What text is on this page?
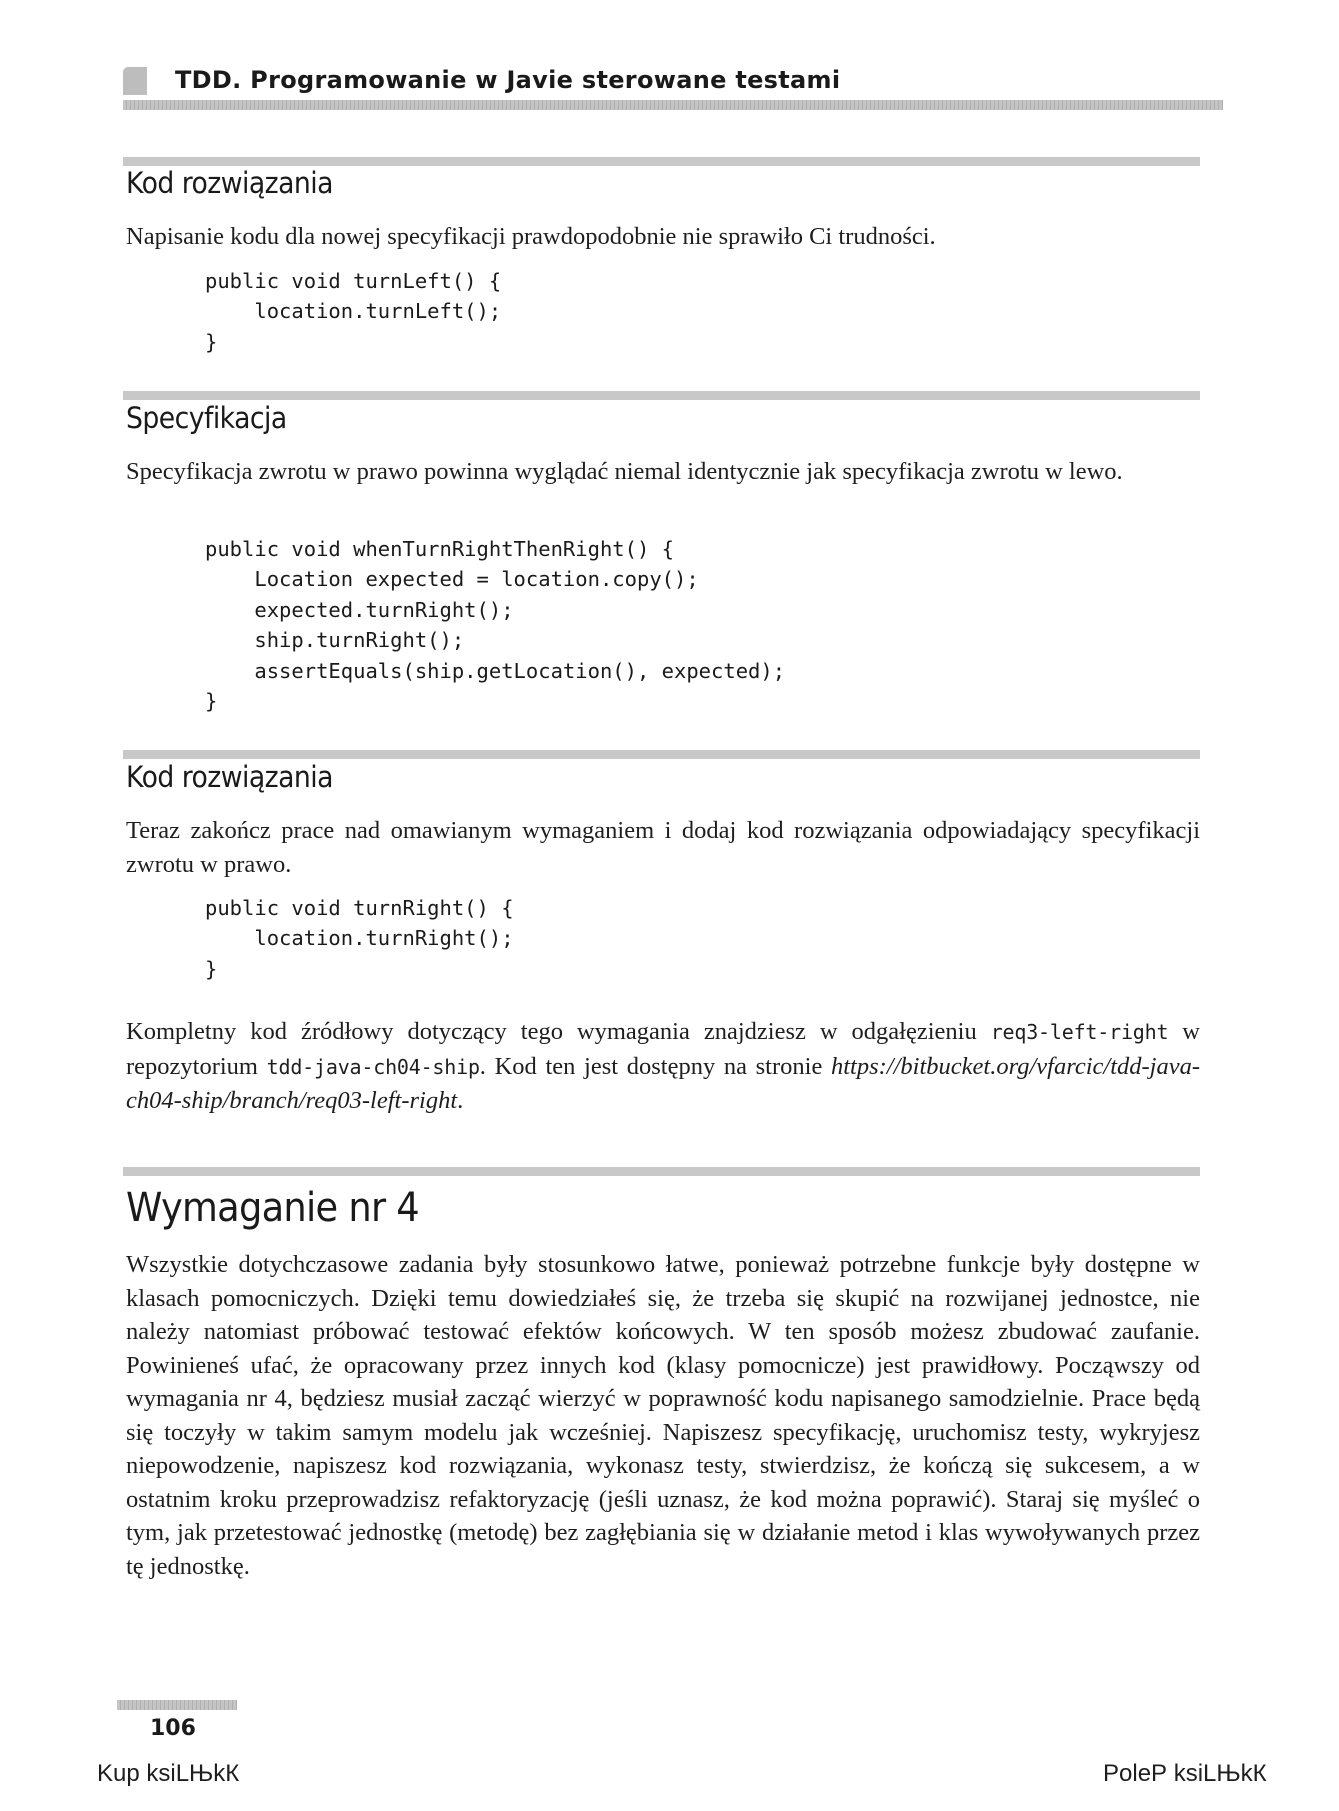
TDD. Programowanie w Javie sterowane testami
Kod rozwiązania

Napisanie kodu dla nowej specyfikacji prawdopodobnie nie sprawiło Ci trudności.

public void turnLeft() {
location.turnLeft();
}
Specyfikacja

Specyfikacja zwrotu w prawo powinna wyglądać niemal identycznie jak specyfikacja zwrotu w lewo.

public void whenTurnRightThenRight() {
Location expected = location.copy();
expected.turnRight();
ship.turnRight();
assertEquals(ship.getLocation(), expected);
}
Kod rozwiązania

Teraz zakończ prace nad omawianym wymaganiem i dodaj kod rozwiązania odpowiadający specyfikacji zwrotu w prawo.

public void turnRight() {
location.turnRight();
}

Kompletny kod źródłowy dotyczący tego wymagania znajdziesz w odgałęzieniu req3-left-right w repozytorium tdd-java-ch04-ship. Kod ten jest dostępny na stronie https://bitbucket.org/vfarcic/tdd-java-ch04-ship/branch/req03-left-right.

Wymaganie nr 4

Wszystkie dotychczasowe zadania były stosunkowo łatwe, ponieważ potrzebne funkcje były dostępne w klasach pomocniczych. Dzięki temu dowiedziałeś się, że trzeba się skupić na rozwijanej jednostce, nie należy natomiast próbować testować efektów końcowych. W ten sposób możesz zbudować zaufanie. Powinieneś ufać, że opracowany przez innych kod (klasy pomocnicze) jest prawidłowy. Począwszy od wymagania nr 4, będziesz musiał zacząć wierzyć w poprawność kodu napisanego samodzielnie. Prace będą się toczyły w takim samym modelu jak wcześniej. Napiszesz specyfikację, uruchomisz testy, wykryjesz niepowodzenie, napiszesz kod rozwiązania, wykonasz testy, stwierdzisz, że kończą się sukcesem, a w ostatnim kroku przeprowadzisz refaktoryzację (jeśli uznasz, że kod można poprawić). Staraj się myśleć o tym, jak przetestować jednostkę (metodę) bez zagłębiania się w działanie metod i klas wywoływanych przez tę jednostkę.

106
Kup ksiLЊkК	PoleР ksiLЊkК
